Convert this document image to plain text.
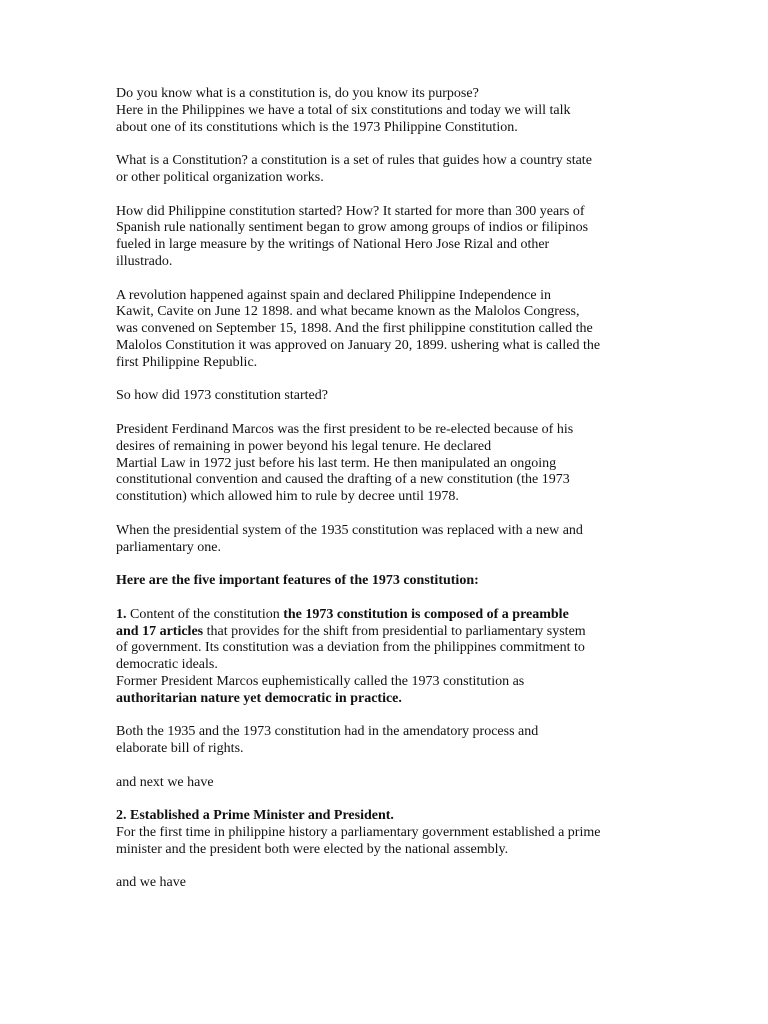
Do you know what is a constitution is, do you know its purpose?
Here in the Philippines we have a total of six constitutions and today we will talk
about one of its constitutions which is the 1973 Philippine Constitution.

What is a Constitution? a constitution is a set of rules that guides how a country state
or other political organization works.

How did Philippine constitution started? How? It started for more than 300 years of
Spanish rule nationally sentiment began to grow among groups of indios or filipinos
fueled in large measure by the writings of National Hero Jose Rizal and other
illustrado.

A revolution happened against spain and declared Philippine Independence in
Kawit, Cavite on June 12 1898. and what became known as the Malolos Congress,
was convened on September 15, 1898. And the first philippine constitution called the
Malolos Constitution it was approved on January 20, 1899. ushering what is called the
first Philippine Republic.

So how did 1973 constitution started?

President Ferdinand Marcos was the first president to be re-elected because of his
desires of remaining in power beyond his legal tenure. He declared
Martial Law in 1972 just before his last term. He then manipulated an ongoing
constitutional convention and caused the drafting of a new constitution (the 1973
constitution) which allowed him to rule by decree until 1978.

When the presidential system of the 1935 constitution was replaced with a new and
parliamentary one.

Here are the five important features of the 1973 constitution:

1. Content of the constitution the 1973 constitution is composed of a preamble
and 17 articles that provides for the shift from presidential to parliamentary system
of government. Its constitution was a deviation from the philippines commitment to
democratic ideals.
Former President Marcos euphemistically called the 1973 constitution as
authoritarian nature yet democratic in practice.

Both the 1935 and the 1973 constitution had in the amendatory process and
elaborate bill of rights.

and next we have

2. Established a Prime Minister and President.

For the first time in philippine history a parliamentary government established a prime
minister and the president both were elected by the national assembly.

and we have
